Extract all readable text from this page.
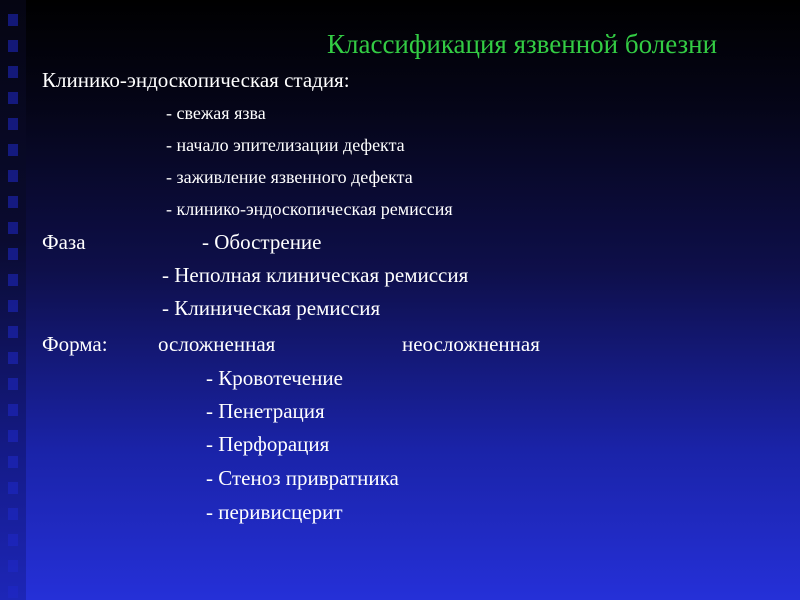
Классификация язвенной болезни
Клинико-эндоскопическая стадия:
- свежая язва
- начало эпителизации дефекта
- заживление язвенного дефекта
- клинико-эндоскопическая ремиссия
Фаза	- Обострение
- Неполная клиническая ремиссия
- Клиническая ремиссия
Форма: осложненная	неосложненная
- Кровотечение
- Пенетрация
- Перфорация
- Стеноз привратника
- перивисцерит
